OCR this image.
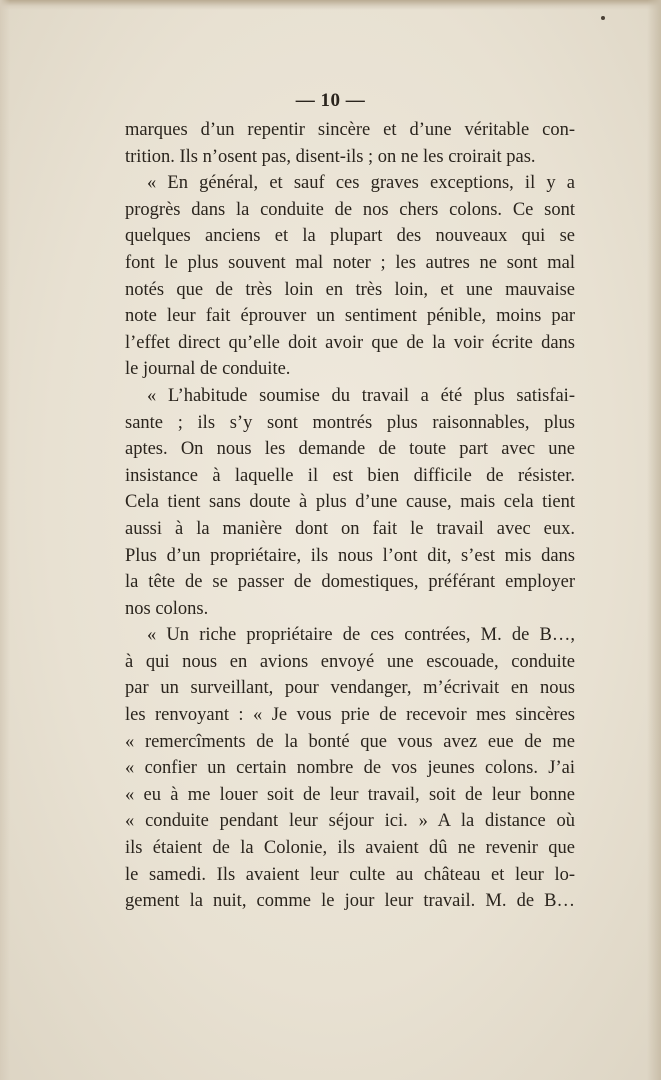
— 10 —
marques d’un repentir sincère et d’une véritable con-
trition. Ils n’osent pas, disent-ils ; on ne les croirait pas.
« En général, et sauf ces graves exceptions, il y a
progrès dans la conduite de nos chers colons. Ce sont
quelques anciens et la plupart des nouveaux qui se
font le plus souvent mal noter ; les autres ne sont mal
notés que de très loin en très loin, et une mauvaise
note leur fait éprouver un sentiment pénible, moins par
l’effet direct qu’elle doit avoir que de la voir écrite dans
le journal de conduite.
« L’habitude soumise du travail a été plus satisfai-
sante ; ils s’y sont montrés plus raisonnables, plus
aptes. On nous les demande de toute part avec une
insistance à laquelle il est bien difficile de résister.
Cela tient sans doute à plus d’une cause, mais cela tient
aussi à la manière dont on fait le travail avec eux.
Plus d’un propriétaire, ils nous l’ont dit, s’est mis dans
la tête de se passer de domestiques, préférant employer
nos colons.
« Un riche propriétaire de ces contrées, M. de B…,
à qui nous en avions envoyé une escouade, conduite
par un surveillant, pour vendanger, m’écrivait en nous
les renvoyant : « Je vous prie de recevoir mes sincères
« remercîments de la bonté que vous avez eue de me
« confier un certain nombre de vos jeunes colons. J’ai
« eu à me louer soit de leur travail, soit de leur bonne
« conduite pendant leur séjour ici. » A la distance où
ils étaient de la Colonie, ils avaient dû ne revenir que
le samedi. Ils avaient leur culte au château et leur lo-
gement la nuit, comme le jour leur travail. M. de B…
